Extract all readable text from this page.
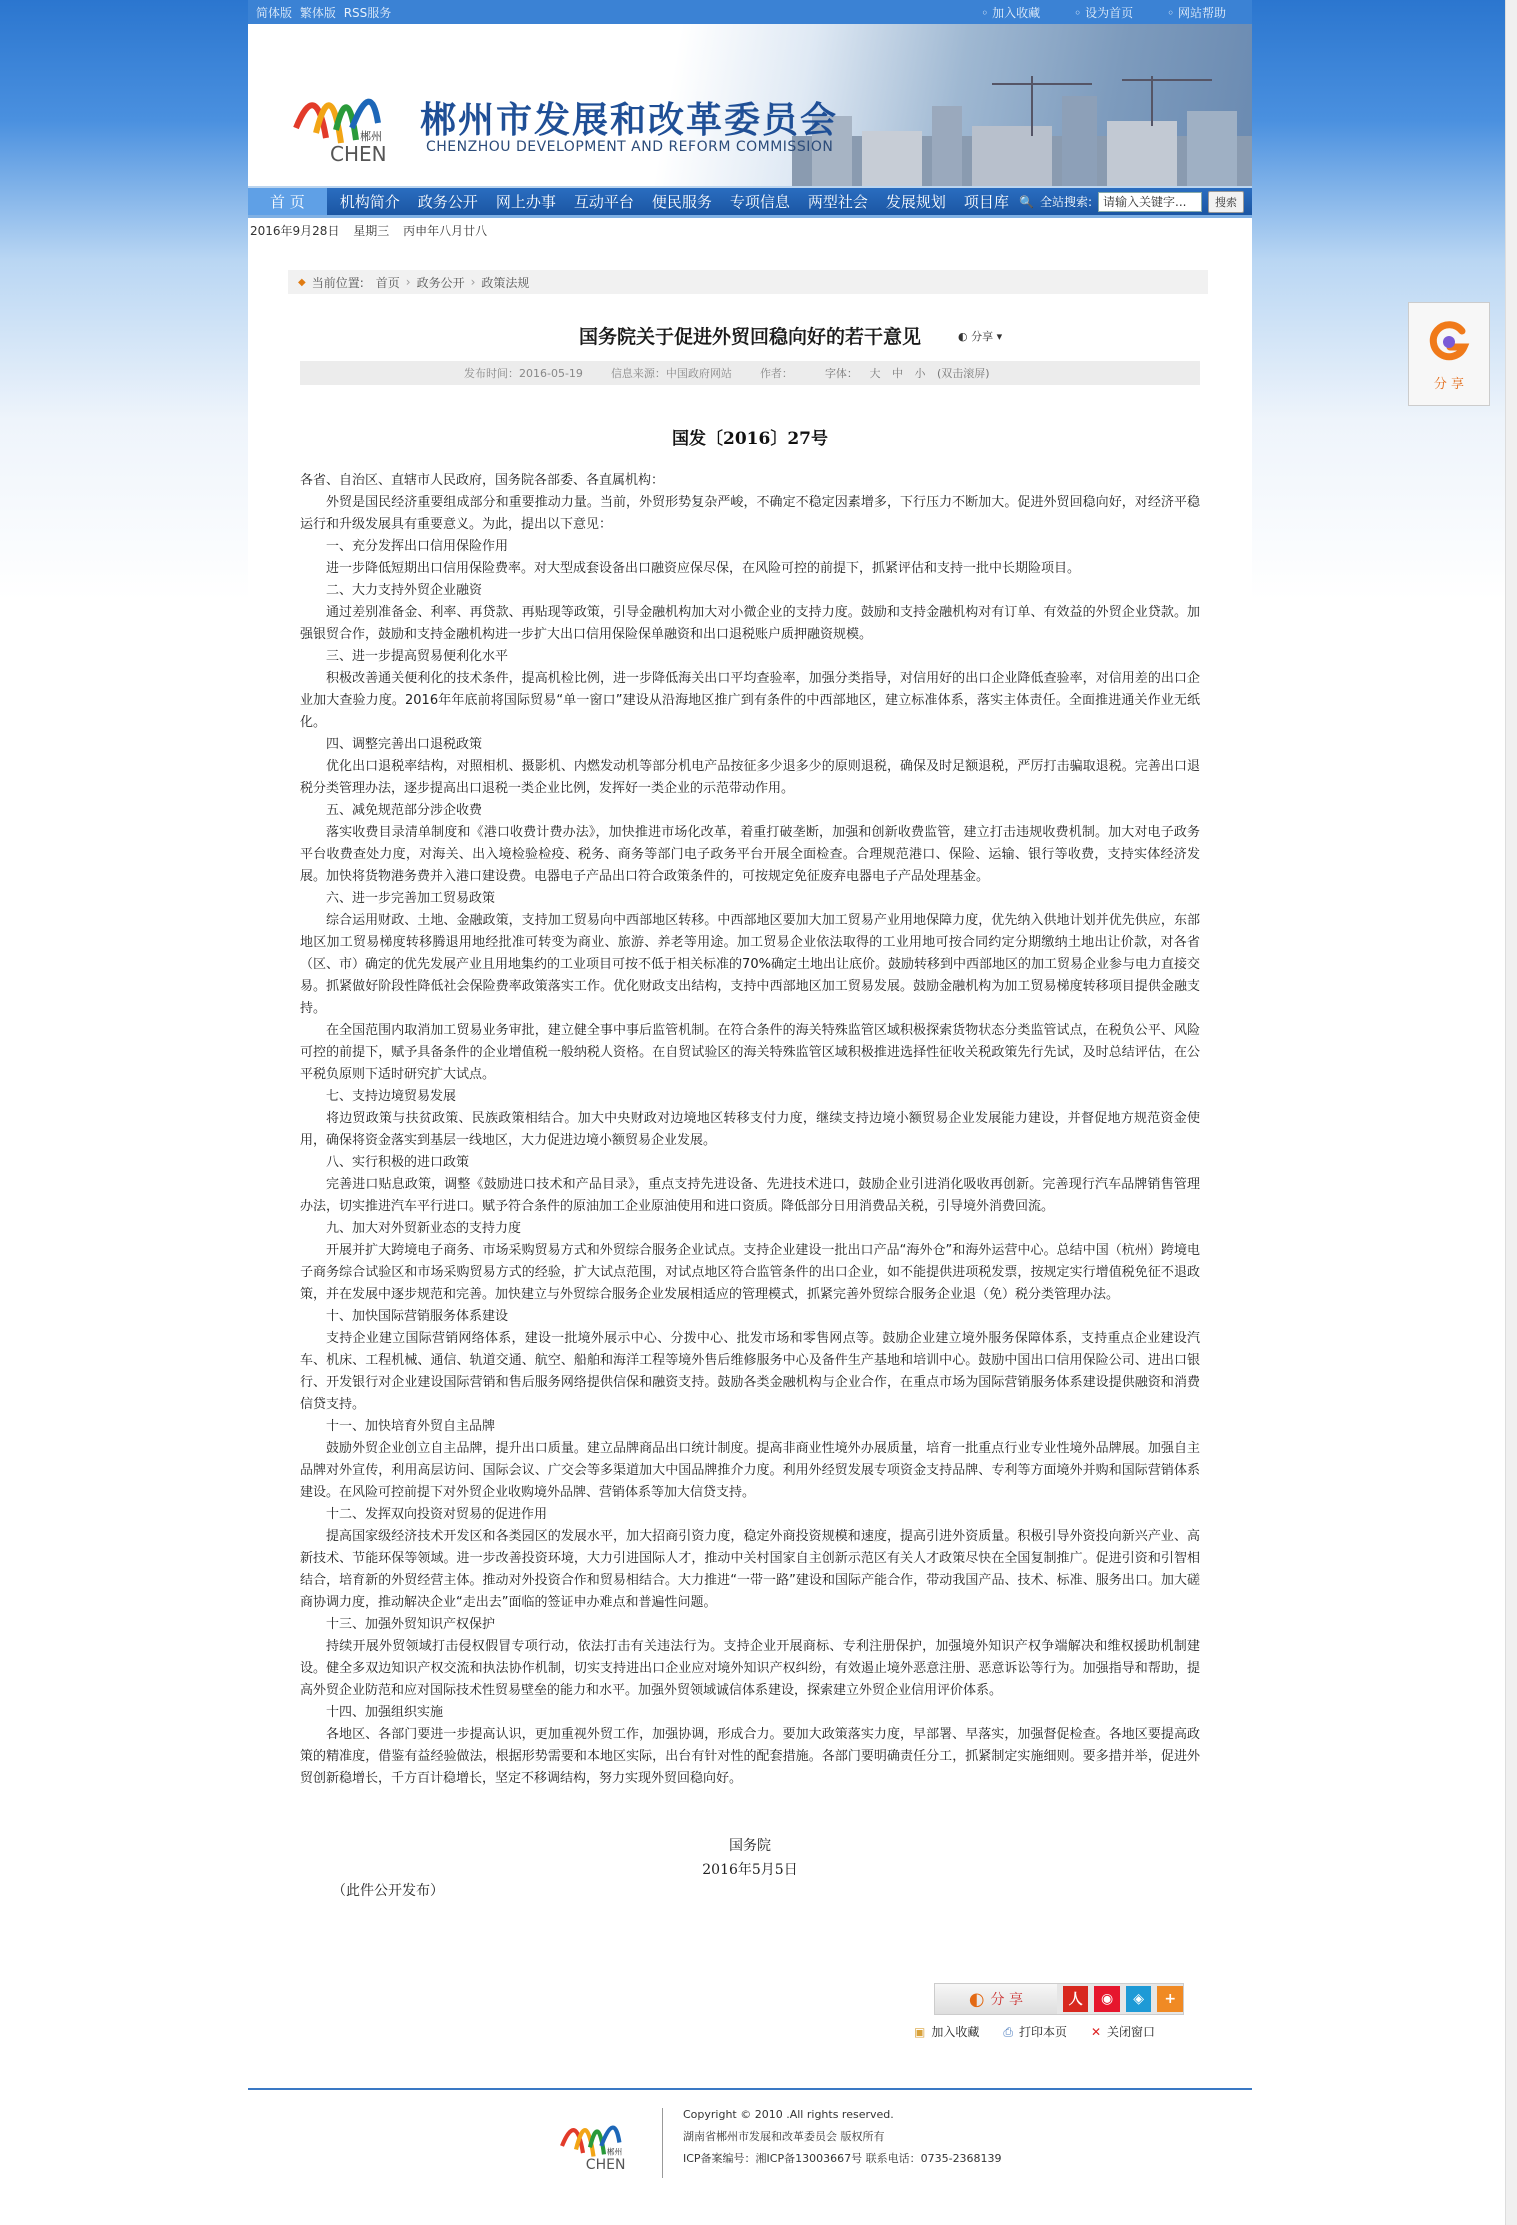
简体版 繁体版 RSS服务	◦ 加入收藏	◦ 设为首页	◦ 网站帮助
郴州
CHEN
郴州市发展和改革委员会
CHENZHOU DEVELOPMENT AND REFORM COMMISSION
首 页	机构简介	政务公开	网上办事	互动平台	便民服务	专项信息	两型社会	发展规划	项目库 🔍 全站搜索:
请输入关键字...	搜索
2016年9月28日 星期三 丙申年八月廿八
◆ 当前位置: 首页 › 政务公开 › 政策法规
国务院关于促进外贸回稳向好的若干意见	◐ 分享 ▾
发布时间：2016-05-19	信息来源：中国政府网站	作者：	字体： 大 中 小 (双击滚屏)
国发〔2016〕27号

各省、自治区、直辖市人民政府，国务院各部委、各直属机构：

外贸是国民经济重要组成部分和重要推动力量。当前，外贸形势复杂严峻，不确定不稳定因素增多，下行压力不断加大。促进外贸回稳向好，对经济平稳运行和升级发展具有重要意义。为此，提出以下意见：

一、充分发挥出口信用保险作用

进一步降低短期出口信用保险费率。对大型成套设备出口融资应保尽保，在风险可控的前提下，抓紧评估和支持一批中长期险项目。

二、大力支持外贸企业融资

通过差别准备金、利率、再贷款、再贴现等政策，引导金融机构加大对小微企业的支持力度。鼓励和支持金融机构对有订单、有效益的外贸企业贷款。加强银贸合作，鼓励和支持金融机构进一步扩大出口信用保险保单融资和出口退税账户质押融资规模。

三、进一步提高贸易便利化水平

积极改善通关便利化的技术条件，提高机检比例，进一步降低海关出口平均查验率，加强分类指导，对信用好的出口企业降低查验率，对信用差的出口企业加大查验力度。2016年年底前将国际贸易“单一窗口”建设从沿海地区推广到有条件的中西部地区，建立标准体系，落实主体责任。全面推进通关作业无纸化。

四、调整完善出口退税政策

优化出口退税率结构，对照相机、摄影机、内燃发动机等部分机电产品按征多少退多少的原则退税，确保及时足额退税，严厉打击骗取退税。完善出口退税分类管理办法，逐步提高出口退税一类企业比例，发挥好一类企业的示范带动作用。

五、减免规范部分涉企收费

落实收费目录清单制度和《港口收费计费办法》，加快推进市场化改革，着重打破垄断，加强和创新收费监管，建立打击违规收费机制。加大对电子政务平台收费查处力度，对海关、出入境检验检疫、税务、商务等部门电子政务平台开展全面检查。合理规范港口、保险、运输、银行等收费，支持实体经济发展。加快将货物港务费并入港口建设费。电器电子产品出口符合政策条件的，可按规定免征废弃电器电子产品处理基金。

六、进一步完善加工贸易政策

综合运用财政、土地、金融政策，支持加工贸易向中西部地区转移。中西部地区要加大加工贸易产业用地保障力度，优先纳入供地计划并优先供应，东部地区加工贸易梯度转移腾退用地经批准可转变为商业、旅游、养老等用途。加工贸易企业依法取得的工业用地可按合同约定分期缴纳土地出让价款，对各省（区、市）确定的优先发展产业且用地集约的工业项目可按不低于相关标准的70%确定土地出让底价。鼓励转移到中西部地区的加工贸易企业参与电力直接交易。抓紧做好阶段性降低社会保险费率政策落实工作。优化财政支出结构，支持中西部地区加工贸易发展。鼓励金融机构为加工贸易梯度转移项目提供金融支持。

在全国范围内取消加工贸易业务审批，建立健全事中事后监管机制。在符合条件的海关特殊监管区域积极探索货物状态分类监管试点，在税负公平、风险可控的前提下，赋予具备条件的企业增值税一般纳税人资格。在自贸试验区的海关特殊监管区域积极推进选择性征收关税政策先行先试，及时总结评估，在公平税负原则下适时研究扩大试点。

七、支持边境贸易发展

将边贸政策与扶贫政策、民族政策相结合。加大中央财政对边境地区转移支付力度，继续支持边境小额贸易企业发展能力建设，并督促地方规范资金使用，确保将资金落实到基层一线地区，大力促进边境小额贸易企业发展。

八、实行积极的进口政策

完善进口贴息政策，调整《鼓励进口技术和产品目录》，重点支持先进设备、先进技术进口，鼓励企业引进消化吸收再创新。完善现行汽车品牌销售管理办法，切实推进汽车平行进口。赋予符合条件的原油加工企业原油使用和进口资质。降低部分日用消费品关税，引导境外消费回流。

九、加大对外贸新业态的支持力度

开展并扩大跨境电子商务、市场采购贸易方式和外贸综合服务企业试点。支持企业建设一批出口产品“海外仓”和海外运营中心。总结中国（杭州）跨境电子商务综合试验区和市场采购贸易方式的经验，扩大试点范围，对试点地区符合监管条件的出口企业，如不能提供进项税发票，按规定实行增值税免征不退政策，并在发展中逐步规范和完善。加快建立与外贸综合服务企业发展相适应的管理模式，抓紧完善外贸综合服务企业退（免）税分类管理办法。

十、加快国际营销服务体系建设

支持企业建立国际营销网络体系，建设一批境外展示中心、分拨中心、批发市场和零售网点等。鼓励企业建立境外服务保障体系，支持重点企业建设汽车、机床、工程机械、通信、轨道交通、航空、船舶和海洋工程等境外售后维修服务中心及备件生产基地和培训中心。鼓励中国出口信用保险公司、进出口银行、开发银行对企业建设国际营销和售后服务网络提供信保和融资支持。鼓励各类金融机构与企业合作，在重点市场为国际营销服务体系建设提供融资和消费信贷支持。

十一、加快培育外贸自主品牌

鼓励外贸企业创立自主品牌，提升出口质量。建立品牌商品出口统计制度。提高非商业性境外办展质量，培育一批重点行业专业性境外品牌展。加强自主品牌对外宣传，利用高层访问、国际会议、广交会等多渠道加大中国品牌推介力度。利用外经贸发展专项资金支持品牌、专利等方面境外并购和国际营销体系建设。在风险可控前提下对外贸企业收购境外品牌、营销体系等加大信贷支持。

十二、发挥双向投资对贸易的促进作用

提高国家级经济技术开发区和各类园区的发展水平，加大招商引资力度，稳定外商投资规模和速度，提高引进外资质量。积极引导外资投向新兴产业、高新技术、节能环保等领域。进一步改善投资环境，大力引进国际人才，推动中关村国家自主创新示范区有关人才政策尽快在全国复制推广。促进引资和引智相结合，培育新的外贸经营主体。推动对外投资合作和贸易相结合。大力推进“一带一路”建设和国际产能合作，带动我国产品、技术、标准、服务出口。加大磋商协调力度，推动解决企业“走出去”面临的签证申办难点和普遍性问题。

十三、加强外贸知识产权保护

持续开展外贸领域打击侵权假冒专项行动，依法打击有关违法行为。支持企业开展商标、专利注册保护，加强境外知识产权争端解决和维权援助机制建设。健全多双边知识产权交流和执法协作机制，切实支持进出口企业应对境外知识产权纠纷，有效遏止境外恶意注册、恶意诉讼等行为。加强指导和帮助，提高外贸企业防范和应对国际技术性贸易壁垒的能力和水平。加强外贸领域诚信体系建设，探索建立外贸企业信用评价体系。

十四、加强组织实施

各地区、各部门要进一步提高认识，更加重视外贸工作，加强协调，形成合力。要加大政策落实力度，早部署、早落实，加强督促检查。各地区要提高政策的精准度，借鉴有益经验做法，根据形势需要和本地区实际，出台有针对性的配套措施。各部门要明确责任分工，抓紧制定实施细则。要多措并举，促进外贸创新稳增长，千方百计稳增长，坚定不移调结构，努力实现外贸回稳向好。

国务院
2016年5月5日
（此件公开发布）
◐ 分 享	人	◉	◈	+
▣ 加入收藏 ⎙ 打印本页 ✕ 关闭窗口
郴州
CHEN
Copyright © 2010 .All rights reserved.
湖南省郴州市发展和改革委员会 版权所有
ICP备案编号：湘ICP备13003667号 联系电话：0735-2368139
分 享
